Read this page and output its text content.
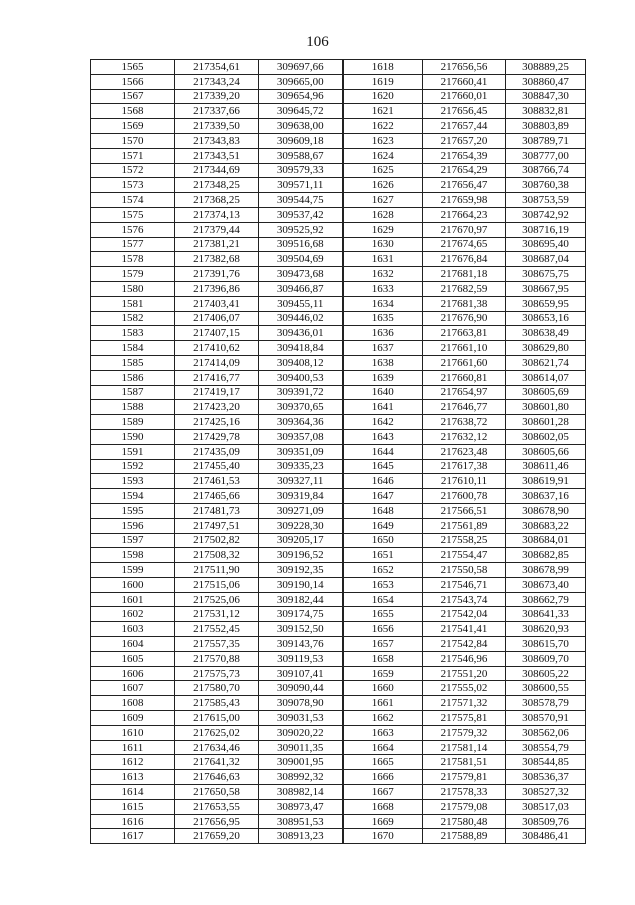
106
1565	217354,61	309697,66	1618	217656,56	308889,25
1566	217343,24	309665,00	1619	217660,41	308860,47
1567	217339,20	309654,96	1620	217660,01	308847,30
1568	217337,66	309645,72	1621	217656,45	308832,81
1569	217339,50	309638,00	1622	217657,44	308803,89
1570	217343,83	309609,18	1623	217657,20	308789,71
1571	217343,51	309588,67	1624	217654,39	308777,00
1572	217344,69	309579,33	1625	217654,29	308766,74
1573	217348,25	309571,11	1626	217656,47	308760,38
1574	217368,25	309544,75	1627	217659,98	308753,59
1575	217374,13	309537,42	1628	217664,23	308742,92
1576	217379,44	309525,92	1629	217670,97	308716,19
1577	217381,21	309516,68	1630	217674,65	308695,40
1578	217382,68	309504,69	1631	217676,84	308687,04
1579	217391,76	309473,68	1632	217681,18	308675,75
1580	217396,86	309466,87	1633	217682,59	308667,95
1581	217403,41	309455,11	1634	217681,38	308659,95
1582	217406,07	309446,02	1635	217676,90	308653,16
1583	217407,15	309436,01	1636	217663,81	308638,49
1584	217410,62	309418,84	1637	217661,10	308629,80
1585	217414,09	309408,12	1638	217661,60	308621,74
1586	217416,77	309400,53	1639	217660,81	308614,07
1587	217419,17	309391,72	1640	217654,97	308605,69
1588	217423,20	309370,65	1641	217646,77	308601,80
1589	217425,16	309364,36	1642	217638,72	308601,28
1590	217429,78	309357,08	1643	217632,12	308602,05
1591	217435,09	309351,09	1644	217623,48	308605,66
1592	217455,40	309335,23	1645	217617,38	308611,46
1593	217461,53	309327,11	1646	217610,11	308619,91
1594	217465,66	309319,84	1647	217600,78	308637,16
1595	217481,73	309271,09	1648	217566,51	308678,90
1596	217497,51	309228,30	1649	217561,89	308683,22
1597	217502,82	309205,17	1650	217558,25	308684,01
1598	217508,32	309196,52	1651	217554,47	308682,85
1599	217511,90	309192,35	1652	217550,58	308678,99
1600	217515,06	309190,14	1653	217546,71	308673,40
1601	217525,06	309182,44	1654	217543,74	308662,79
1602	217531,12	309174,75	1655	217542,04	308641,33
1603	217552,45	309152,50	1656	217541,41	308620,93
1604	217557,35	309143,76	1657	217542,84	308615,70
1605	217570,88	309119,53	1658	217546,96	308609,70
1606	217575,73	309107,41	1659	217551,20	308605,22
1607	217580,70	309090,44	1660	217555,02	308600,55
1608	217585,43	309078,90	1661	217571,32	308578,79
1609	217615,00	309031,53	1662	217575,81	308570,91
1610	217625,02	309020,22	1663	217579,32	308562,06
1611	217634,46	309011,35	1664	217581,14	308554,79
1612	217641,32	309001,95	1665	217581,51	308544,85
1613	217646,63	308992,32	1666	217579,81	308536,37
1614	217650,58	308982,14	1667	217578,33	308527,32
1615	217653,55	308973,47	1668	217579,08	308517,03
1616	217656,95	308951,53	1669	217580,48	308509,76
1617	217659,20	308913,23	1670	217588,89	308486,41
